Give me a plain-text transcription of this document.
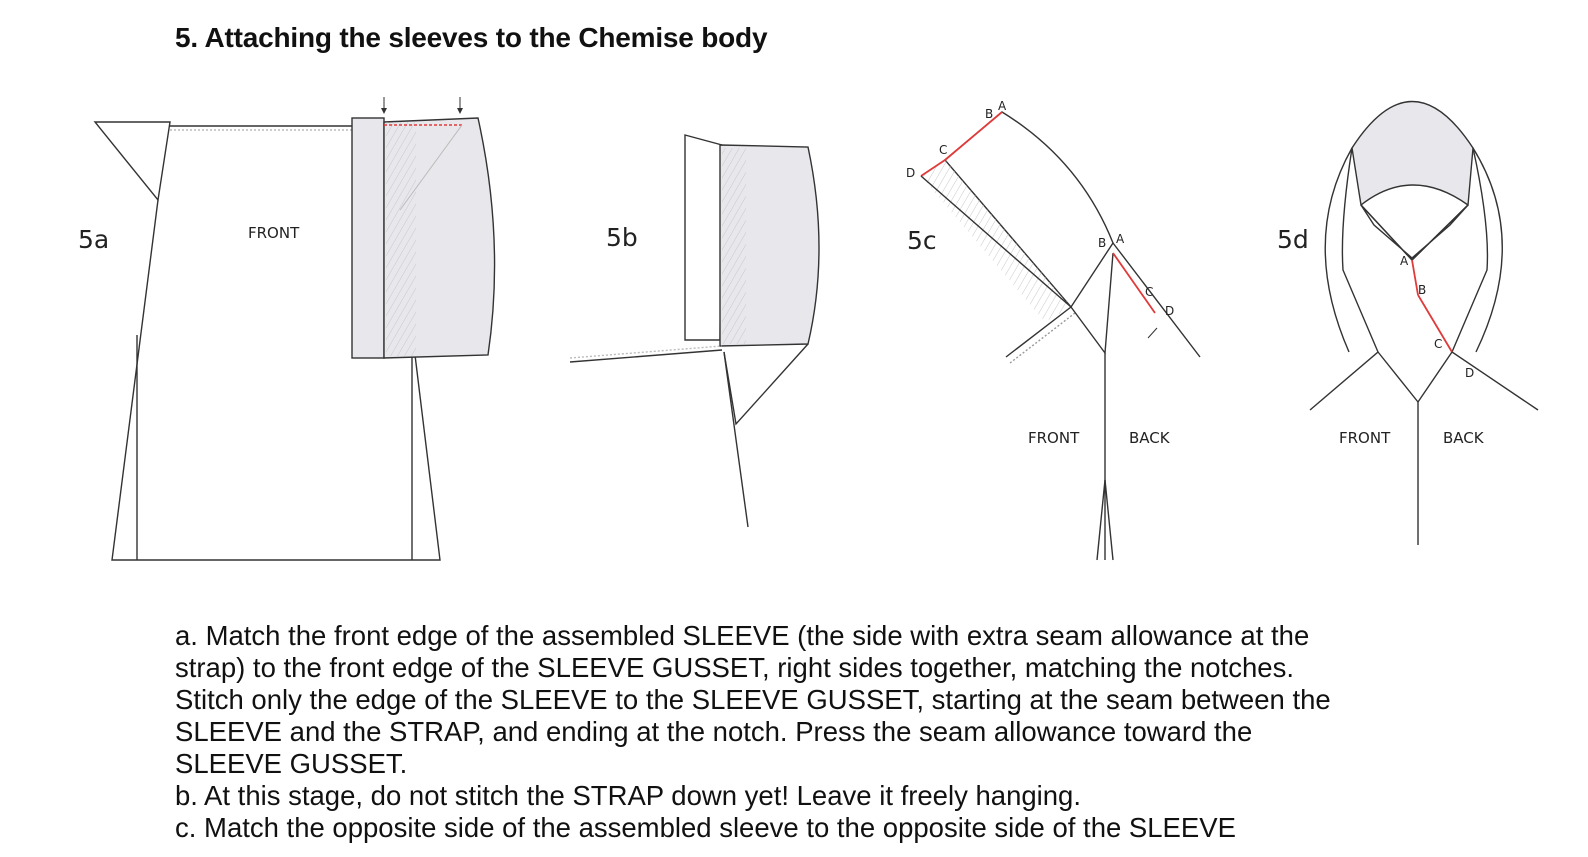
5. Attaching the sleeves to the Chemise body
5a	FRONT	5b	5c
FRONT	BACK
B
A
C
D
B A
C
D
5d
FRONT	BACK
A
B
C
D

a. Match the front edge of the assembled SLEEVE (the side with extra seam allowance at the

strap) to the front edge of the SLEEVE GUSSET, right sides together, matching the notches.

Stitch only the edge of the SLEEVE to the SLEEVE GUSSET, starting at the seam between the

SLEEVE and the STRAP, and ending at the notch. Press the seam allowance toward the

SLEEVE GUSSET.

b. At this stage, do not stitch the STRAP down yet! Leave it freely hanging.

c. Match the opposite side of the assembled sleeve to the opposite side of the SLEEVE
